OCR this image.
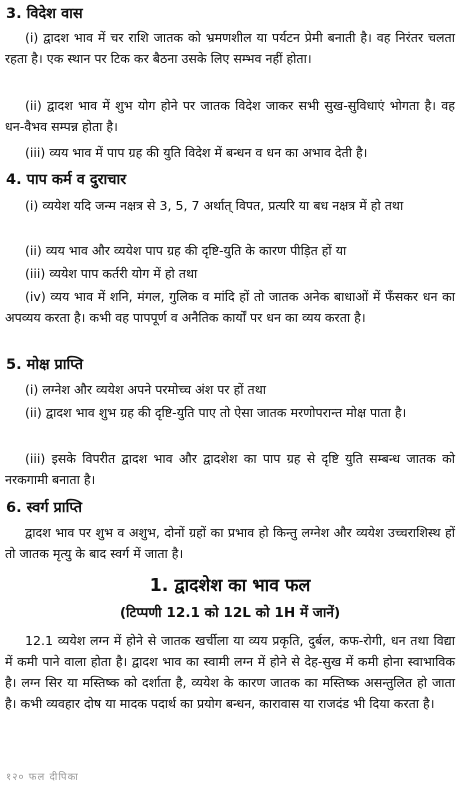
3. विदेश वास
(i) द्वादश भाव में चर राशि जातक को भ्रमणशील या पर्यटन प्रेमी बनाती है। वह निरंतर चलता रहता है। एक स्थान पर टिक कर बैठना उसके लिए सम्भव नहीं होता।
(ii) द्वादश भाव में शुभ योग होने पर जातक विदेश जाकर सभी सुख-सुविधाएं भोगता है। वह धन-वैभव सम्पन्न होता है।
(iii) व्यय भाव में पाप ग्रह की युति विदेश में बन्धन व धन का अभाव देती है।
4. पाप कर्म व दुराचार
(i) व्ययेश यदि जन्म नक्षत्र से 3, 5, 7 अर्थात् विपत, प्रत्यरि या बध नक्षत्र में हो तथा
(ii) व्यय भाव और व्ययेश पाप ग्रह की दृष्टि-युति के कारण पीड़ित हों या
(iii) व्ययेश पाप कर्तरी योग में हो तथा
(iv) व्यय भाव में शनि, मंगल, गुलिक व मांदि हों तो जातक अनेक बाधाओं में फँसकर धन का अपव्यय करता है। कभी वह पापपूर्ण व अनैतिक कार्यों पर धन का व्यय करता है।
5. मोक्ष प्राप्ति
(i) लग्नेश और व्ययेश अपने परमोच्च अंश पर हों तथा
(ii) द्वादश भाव शुभ ग्रह की दृष्टि-युति पाए तो ऐसा जातक मरणोपरान्त मोक्ष पाता है।
(iii) इसके विपरीत द्वादश भाव और द्वादशेश का पाप ग्रह से दृष्टि युति सम्बन्ध जातक को नरकगामी बनाता है।
6. स्वर्ग प्राप्ति
द्वादश भाव पर शुभ व अशुभ, दोनों ग्रहों का प्रभाव हो किन्तु लग्नेश और व्ययेश उच्चराशिस्थ हों तो जातक मृत्यु के बाद स्वर्ग में जाता है।
1. द्वादशेश का भाव फल
(टिप्पणी 12.1 को 12L को 1H में जानें)
12.1 व्ययेश लग्न में होने से जातक खर्चीला या व्यय प्रकृति, दुर्बल, कफ-रोगी, धन तथा विद्या में कमी पाने वाला होता है। द्वादश भाव का स्वामी लग्न में होने से देह-सुख में कमी होना स्वाभाविक है। लग्न सिर या मस्तिष्क को दर्शाता है, व्ययेश के कारण जातक का मस्तिष्क असन्तुलित हो जाता है। कभी व्यवहार दोष या मादक पदार्थ का प्रयोग बन्धन, कारावास या राजदंड भी दिया करता है।
१२० फल दीपिका
